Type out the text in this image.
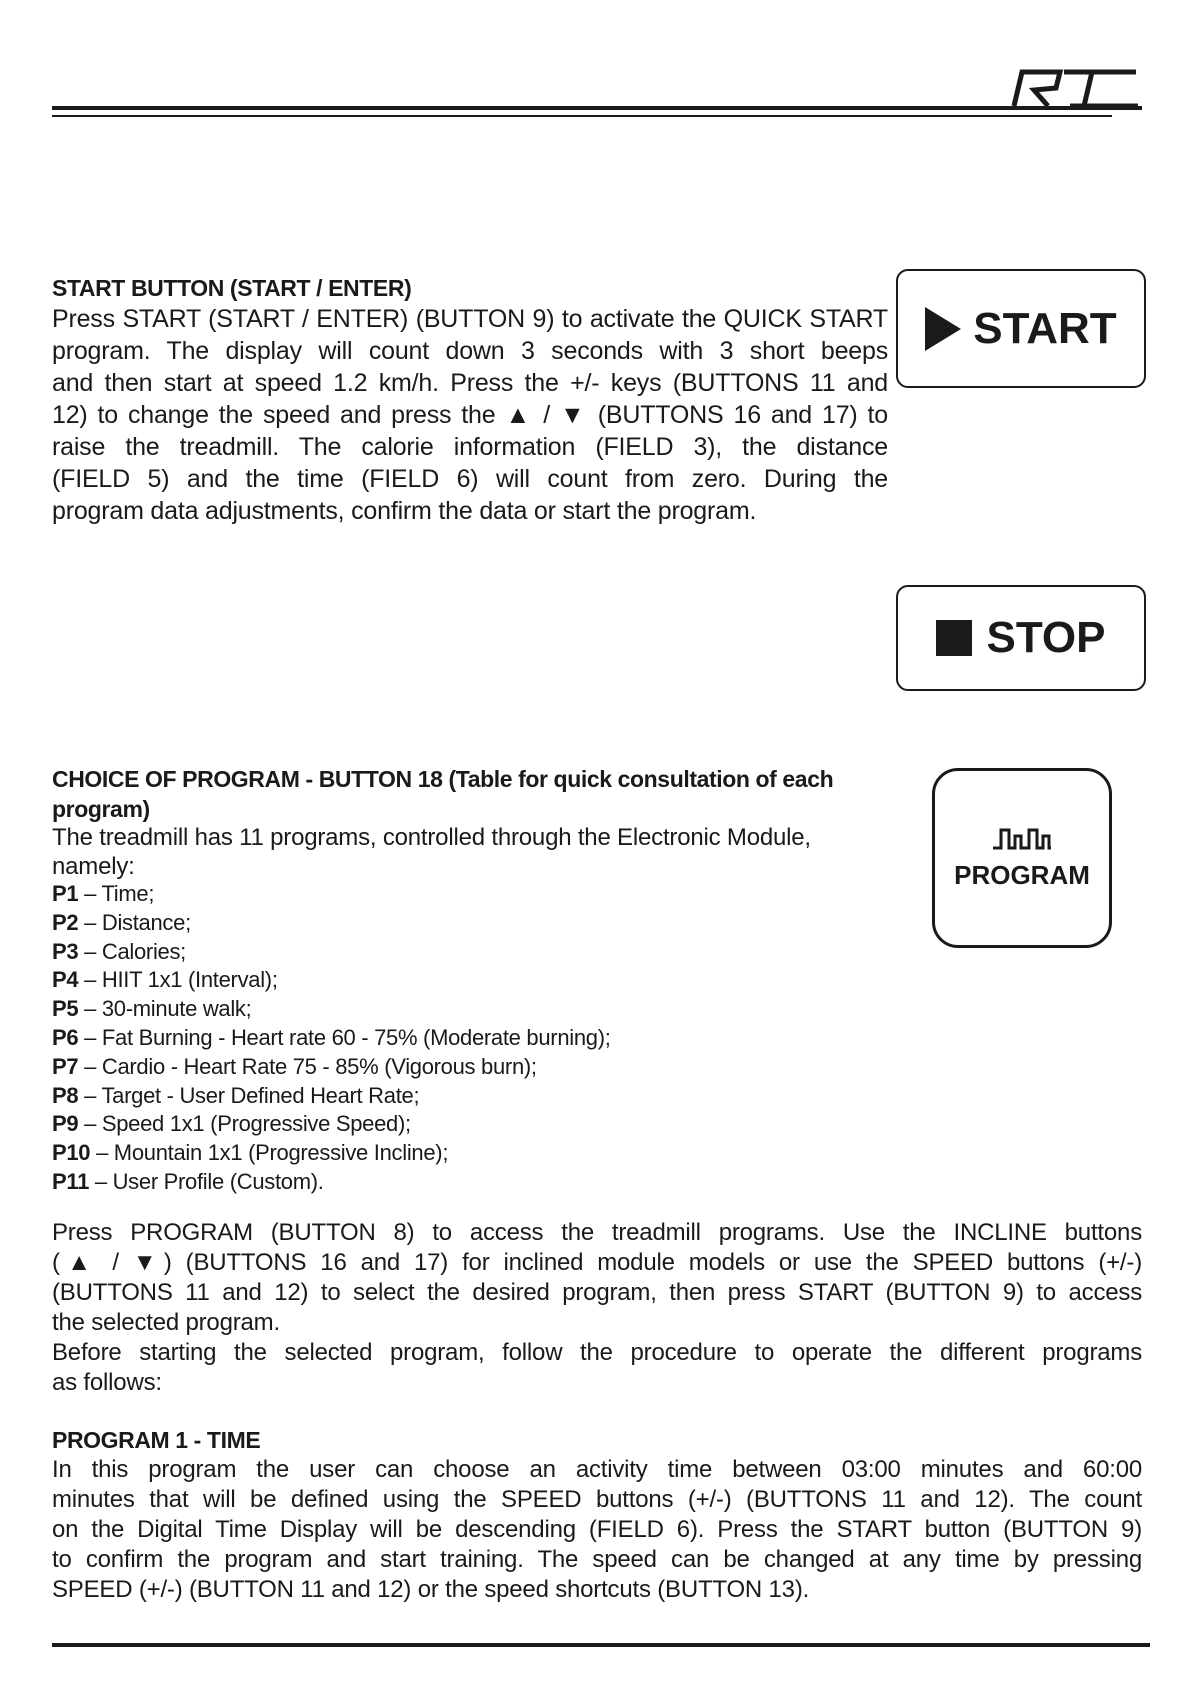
START BUTTON (START / ENTER)
Press START (START / ENTER) (BUTTON 9) to activate the QUICK START
program. The display will count down 3 seconds with 3 short beeps
and then start at speed 1.2 km/h. Press the +/- keys (BUTTONS 11 and
12) to change the speed and press the ▲ / ▼ (BUTTONS 16 and 17) to
raise the treadmill. The calorie information (FIELD 3), the distance
(FIELD 5) and the time (FIELD 6) will count from zero. During the
program data adjustments, confirm the data or start the program.
START
STOP
PROGRAM
CHOICE OF PROGRAM - BUTTON 18 (Table for quick consultation of each
program)
The treadmill has 11 programs, controlled through the Electronic Module,
namely:
P1 – Time;
P2 – Distance;
P3 – Calories;
P4 – HIIT 1x1 (Interval);
P5 – 30-minute walk;
P6 – Fat Burning - Heart rate 60 - 75% (Moderate burning);
P7 – Cardio - Heart Rate 75 - 85% (Vigorous burn);
P8 – Target - User Defined Heart Rate;
P9 – Speed 1x1 (Progressive Speed);
P10 – Mountain 1x1 (Progressive Incline);
P11 – User Profile (Custom).
Press PROGRAM (BUTTON 8) to access the treadmill programs. Use the INCLINE buttons
(▲ / ▼) (BUTTONS 16 and 17) for inclined module models or use the SPEED buttons (+/-)
(BUTTONS 11 and 12) to select the desired program, then press START (BUTTON 9) to access
the selected program.
Before starting the selected program, follow the procedure to operate the different programs
as follows:
PROGRAM 1 - TIME
In this program the user can choose an activity time between 03:00 minutes and 60:00
minutes that will be defined using the SPEED buttons (+/-) (BUTTONS 11 and 12). The count
on the Digital Time Display will be descending (FIELD 6). Press the START button (BUTTON 9)
to confirm the program and start training. The speed can be changed at any time by pressing
SPEED (+/-) (BUTTON 11 and 12) or the speed shortcuts (BUTTON 13).
